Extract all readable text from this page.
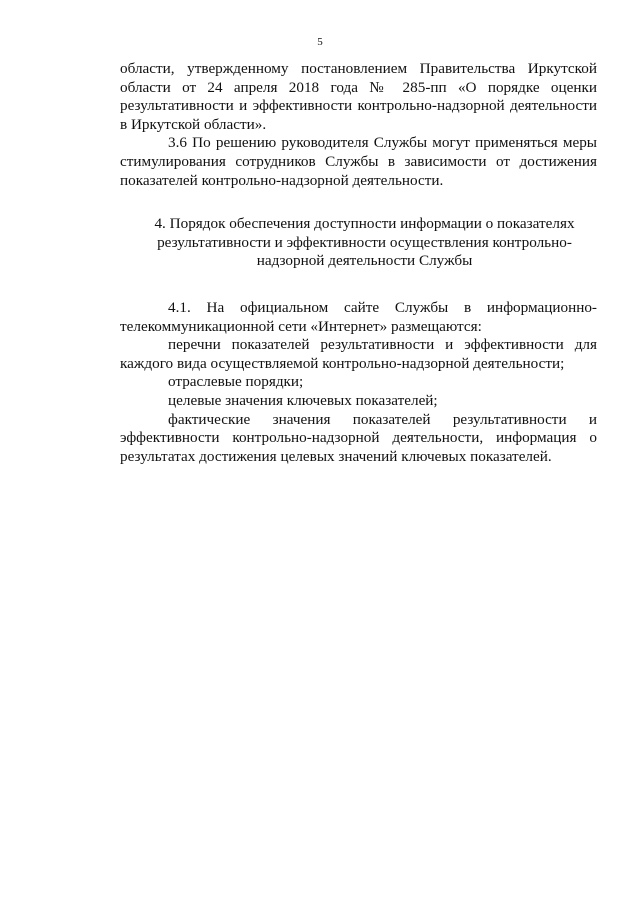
5

области, утвержденному постановлением Правительства Иркутской области от 24 апреля 2018 года № 285-пп «О порядке оценки результативности и эффективности контрольно-надзорной деятельности в Иркутской области».

3.6 По решению руководителя Службы могут применяться меры стимулирования сотрудников Службы в зависимости от достижения показателей контрольно-надзорной деятельности.

4. Порядок обеспечения доступности информации о показателях результативности и эффективности осуществления контрольно-надзорной деятельности Службы

4.1. На официальном сайте Службы в информационно-телекоммуникационной сети «Интернет» размещаются:

перечни показателей результативности и эффективности для каждого вида осуществляемой контрольно-надзорной деятельности;

отраслевые порядки;

целевые значения ключевых показателей;

фактические значения показателей результативности и эффективности контрольно-надзорной деятельности, информация о результатах достижения целевых значений ключевых показателей.
